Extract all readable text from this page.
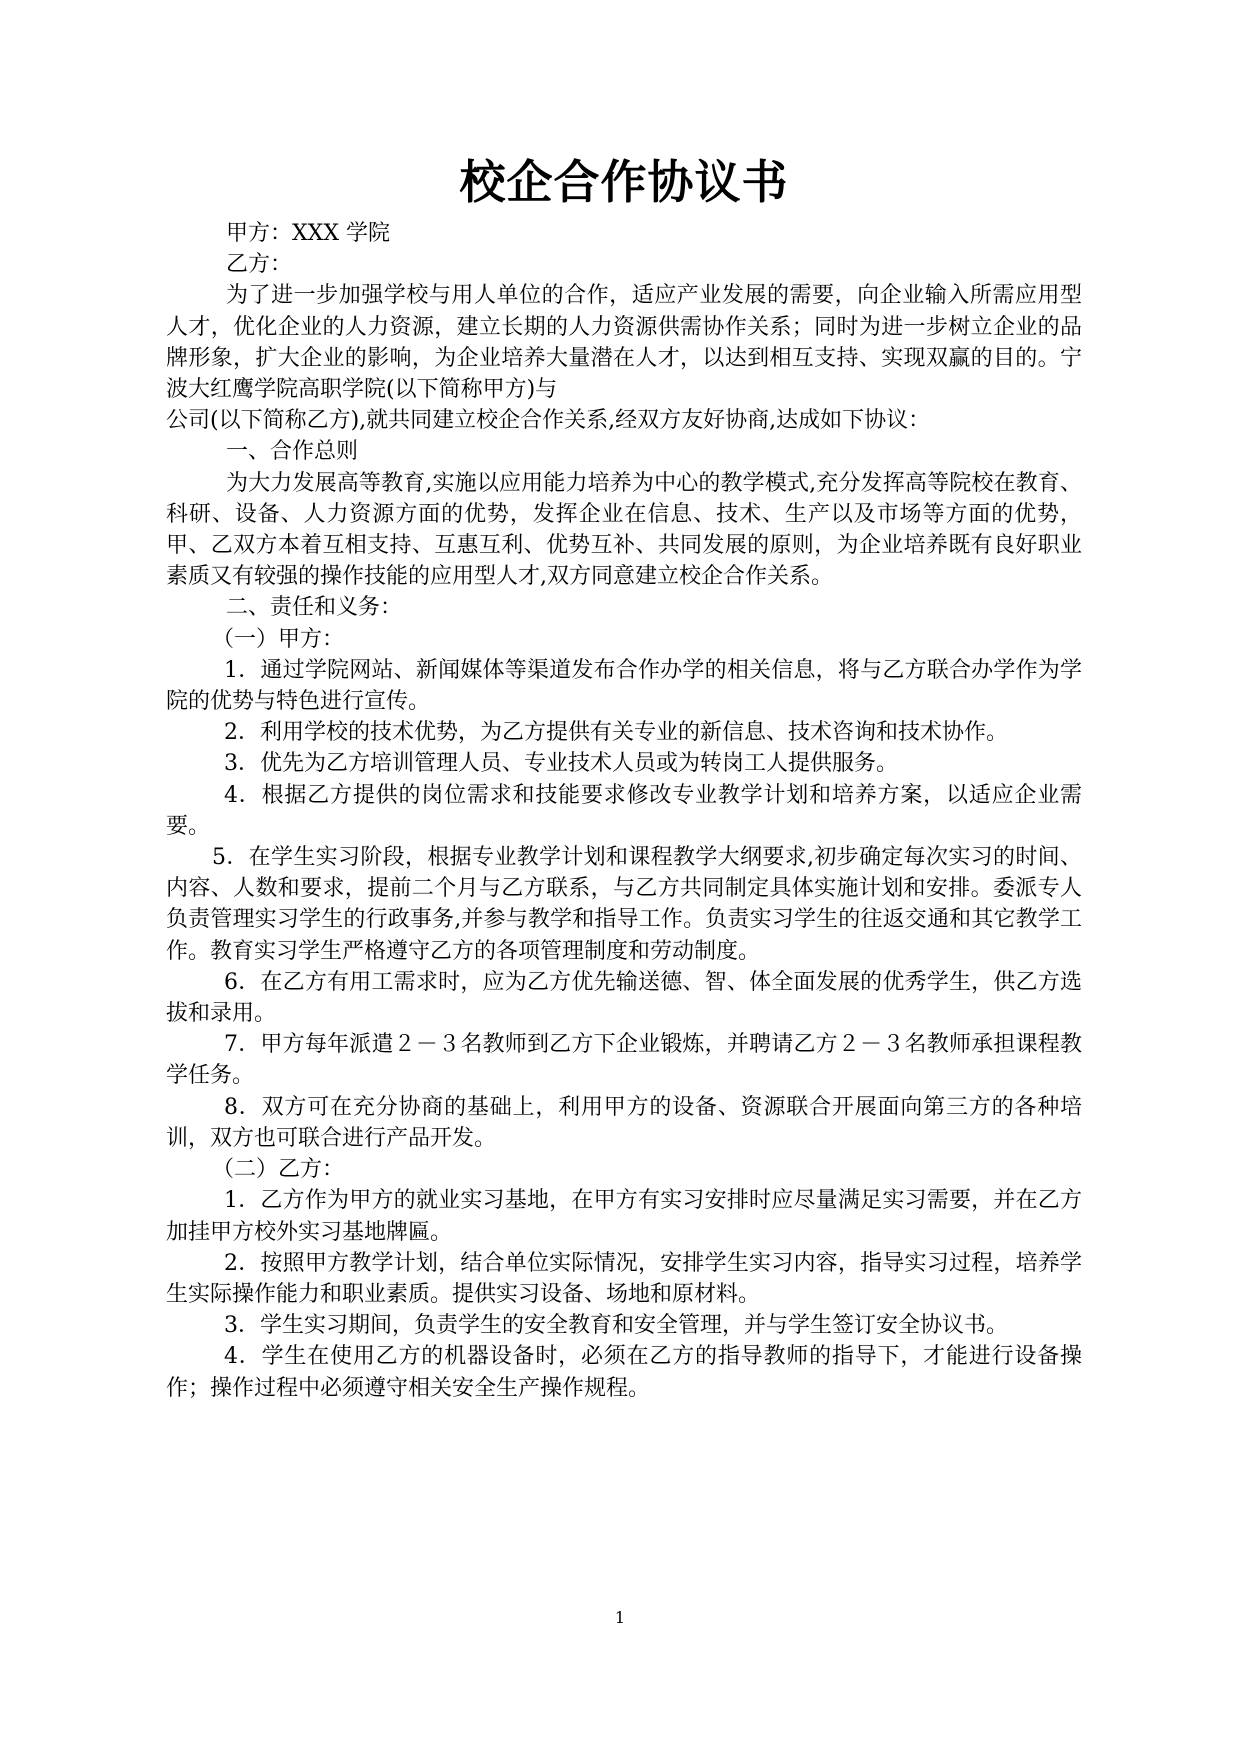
校企合作协议书

甲方：XXX 学院

乙方：

为了进一步加强学校与用人单位的合作，适应产业发展的需要，向企业输入所需应用型人才，优化企业的人力资源，建立长期的人力资源供需协作关系；同时为进一步树立企业的品牌形象，扩大企业的影响，为企业培养大量潜在人才，以达到相互支持、实现双赢的目的。宁波大红鹰学院高职学院(以下简称甲方)与

公司(以下简称乙方),就共同建立校企合作关系,经双方友好协商,达成如下协议：

一、合作总则

为大力发展高等教育,实施以应用能力培养为中心的教学模式,充分发挥高等院校在教育、科研、设备、人力资源方面的优势，发挥企业在信息、技术、生产以及市场等方面的优势，甲、乙双方本着互相支持、互惠互利、优势互补、共同发展的原则，为企业培养既有良好职业素质又有较强的操作技能的应用型人才,双方同意建立校企合作关系。

二、责任和义务：

（一）甲方：

1．通过学院网站、新闻媒体等渠道发布合作办学的相关信息，将与乙方联合办学作为学院的优势与特色进行宣传。

2．利用学校的技术优势，为乙方提供有关专业的新信息、技术咨询和技术协作。

3．优先为乙方培训管理人员、专业技术人员或为转岗工人提供服务。

4．根据乙方提供的岗位需求和技能要求修改专业教学计划和培养方案，以适应企业需要。

5．在学生实习阶段，根据专业教学计划和课程教学大纲要求,初步确定每次实习的时间、内容、人数和要求，提前二个月与乙方联系，与乙方共同制定具体实施计划和安排。委派专人负责管理实习学生的行政事务,并参与教学和指导工作。负责实习学生的往返交通和其它教学工作。教育实习学生严格遵守乙方的各项管理制度和劳动制度。

6．在乙方有用工需求时，应为乙方优先输送德、智、体全面发展的优秀学生，供乙方选拔和录用。

7．甲方每年派遣２－３名教师到乙方下企业锻炼，并聘请乙方２－３名教师承担课程教学任务。

8．双方可在充分协商的基础上，利用甲方的设备、资源联合开展面向第三方的各种培训，双方也可联合进行产品开发。

（二）乙方：

1．乙方作为甲方的就业实习基地，在甲方有实习安排时应尽量满足实习需要，并在乙方加挂甲方校外实习基地牌匾。

2．按照甲方教学计划，结合单位实际情况，安排学生实习内容，指导实习过程，培养学生实际操作能力和职业素质。提供实习设备、场地和原材料。

3．学生实习期间，负责学生的安全教育和安全管理，并与学生签订安全协议书。

4．学生在使用乙方的机器设备时，必须在乙方的指导教师的指导下，才能进行设备操作；操作过程中必须遵守相关安全生产操作规程。

1
